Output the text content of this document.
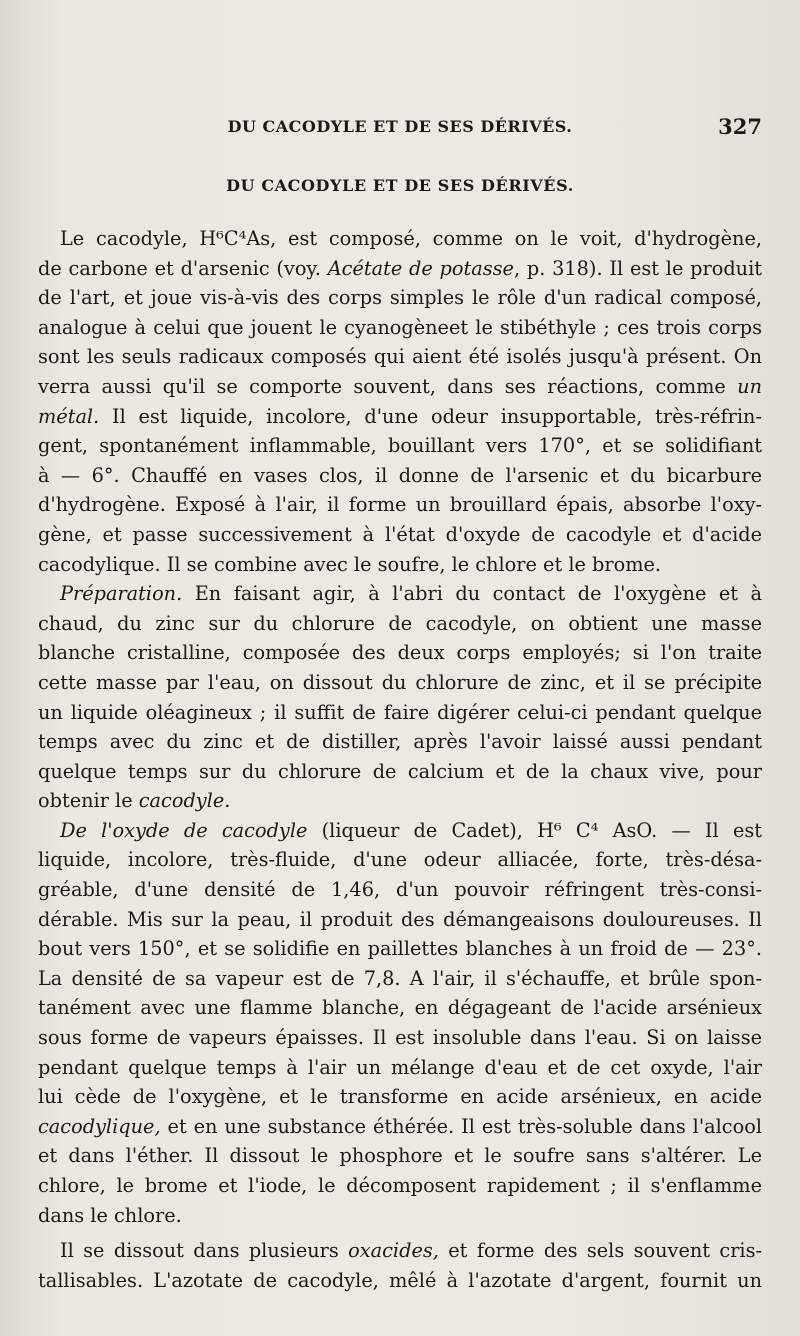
DU CACODYLE ET DE SES DÉRIVÉS.	327
DU CACODYLE ET DE SES DÉRIVÉS.

Le cacodyle, H⁶C⁴As, est composé, comme on le voit, d'hydrogène,

de carbone et d'arsenic (voy. Acétate de potasse, p. 318). Il est le produit

de l'art, et joue vis-à-vis des corps simples le rôle d'un radical composé,

analogue à celui que jouent le cyanogèneet le stibéthyle ; ces trois corps

sont les seuls radicaux composés qui aient été isolés jusqu'à présent. On

verra aussi qu'il se comporte souvent, dans ses réactions, comme un

métal. Il est liquide, incolore, d'une odeur insupportable, très-réfrin-

gent, spontanément inflammable, bouillant vers 170°, et se solidifiant

à — 6°. Chauffé en vases clos, il donne de l'arsenic et du bicarbure

d'hydrogène. Exposé à l'air, il forme un brouillard épais, absorbe l'oxy-

gène, et passe successivement à l'état d'oxyde de cacodyle et d'acide

cacodylique. Il se combine avec le soufre, le chlore et le brome.

Préparation. En faisant agir, à l'abri du contact de l'oxygène et à

chaud, du zinc sur du chlorure de cacodyle, on obtient une masse

blanche cristalline, composée des deux corps employés; si l'on traite

cette masse par l'eau, on dissout du chlorure de zinc, et il se précipite

un liquide oléagineux ; il suffit de faire digérer celui-ci pendant quelque

temps avec du zinc et de distiller, après l'avoir laissé aussi pendant

quelque temps sur du chlorure de calcium et de la chaux vive, pour

obtenir le cacodyle.

De l'oxyde de cacodyle (liqueur de Cadet), H⁶ C⁴ AsO. — Il est

liquide, incolore, très-fluide, d'une odeur alliacée, forte, très-désa-

gréable, d'une densité de 1,46, d'un pouvoir réfringent très-consi-

dérable. Mis sur la peau, il produit des démangeaisons douloureuses. Il

bout vers 150°, et se solidifie en paillettes blanches à un froid de — 23°.

La densité de sa vapeur est de 7,8. A l'air, il s'échauffe, et brûle spon-

tanément avec une flamme blanche, en dégageant de l'acide arsénieux

sous forme de vapeurs épaisses. Il est insoluble dans l'eau. Si on laisse

pendant quelque temps à l'air un mélange d'eau et de cet oxyde, l'air

lui cède de l'oxygène, et le transforme en acide arsénieux, en acide

cacodylique, et en une substance éthérée. Il est très-soluble dans l'alcool

et dans l'éther. Il dissout le phosphore et le soufre sans s'altérer. Le

chlore, le brome et l'iode, le décomposent rapidement ; il s'enflamme

dans le chlore.

Il se dissout dans plusieurs oxacides, et forme des sels souvent cris-

tallisables. L'azotate de cacodyle, mêlé à l'azotate d'argent, fournit un
